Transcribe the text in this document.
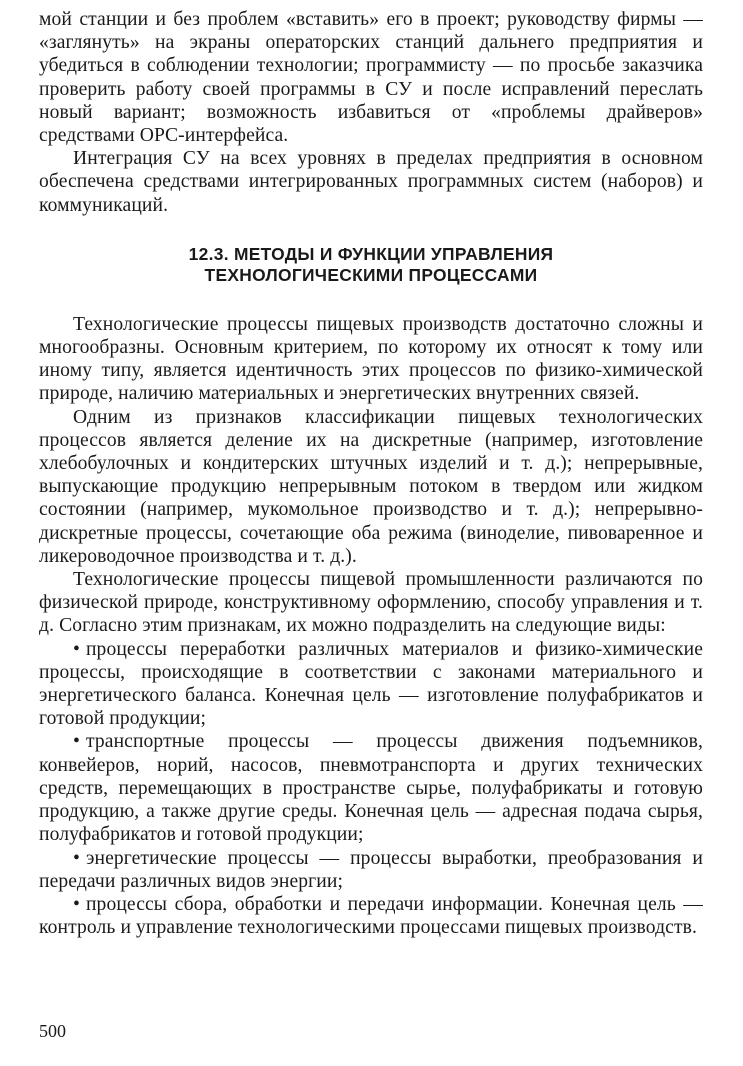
мой станции и без проблем «вставить» его в проект; руководству фирмы — «заглянуть» на экраны операторских станций дальнего предприятия и убедиться в соблюдении технологии; программисту — по просьбе заказчика проверить работу своей программы в СУ и после исправлений переслать новый вариант; возможность избавиться от «проблемы драйверов» средствами OPC-интерфейса.

Интеграция СУ на всех уровнях в пределах предприятия в основном обеспечена средствами интегрированных программных систем (наборов) и коммуникаций.

12.3. МЕТОДЫ И ФУНКЦИИ УПРАВЛЕНИЯ
ТЕХНОЛОГИЧЕСКИМИ ПРОЦЕССАМИ

Технологические процессы пищевых производств достаточно сложны и многообразны. Основным критерием, по которому их относят к тому или иному типу, является идентичность этих процессов по физико-химической природе, наличию материальных и энергетических внутренних связей.

Одним из признаков классификации пищевых технологических процессов является деление их на дискретные (например, изготовление хлебобулочных и кондитерских штучных изделий и т. д.); непрерывные, выпускающие продукцию непрерывным потоком в твердом или жидком состоянии (например, мукомольное производство и т. д.); непрерывно-дискретные процессы, сочетающие оба режима (виноделие, пивоваренное и ликероводочное производства и т. д.).

Технологические процессы пищевой промышленности различаются по физической природе, конструктивному оформлению, способу управления и т. д. Согласно этим признакам, их можно подразделить на следующие виды:

• процессы переработки различных материалов и физико-химические процессы, происходящие в соответствии с законами материального и энергетического баланса. Конечная цель — изготовление полуфабрикатов и готовой продукции;
• транспортные процессы — процессы движения подъемников, конвейеров, норий, насосов, пневмотранспорта и других технических средств, перемещающих в пространстве сырье, полуфабрикаты и готовую продукцию, а также другие среды. Конечная цель — адресная подача сырья, полуфабрикатов и готовой продукции;
• энергетические процессы — процессы выработки, преобразования и передачи различных видов энергии;
• процессы сбора, обработки и передачи информации. Конечная цель — контроль и управление технологическими процессами пищевых производств.
500
